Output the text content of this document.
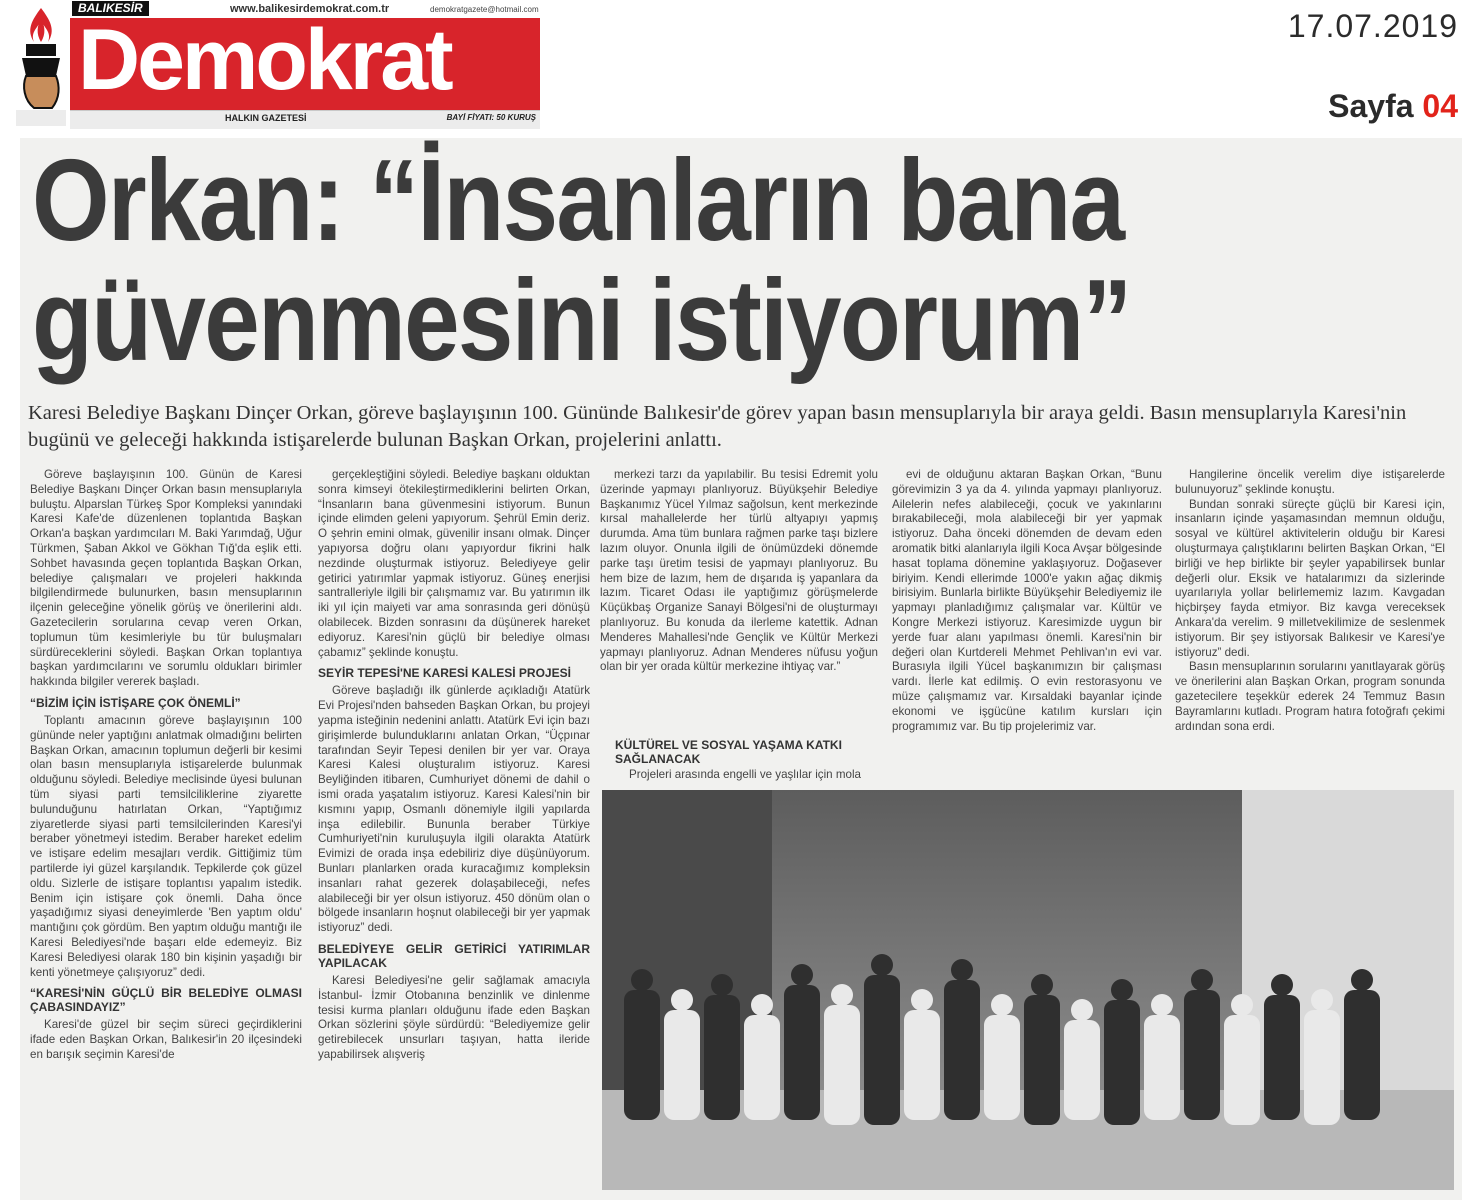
BALIKESİR	www.balikesirdemokrat.com.tr	demokratgazete@hotmail.com
Demokrat
HALKIN GAZETESİ	BAYİ FİYATI: 50 KURUŞ
17.07.2019
Sayfa 04
Orkan: “İnsanların bana
güvenmesini istiyorum”

Karesi Belediye Başkanı Dinçer Orkan, göreve başlayışının 100. Gününde Balıkesir'de görev yapan basın mensuplarıyla bir araya geldi. Basın mensuplarıyla Karesi'nin bugünü ve geleceği hakkında istişarelerde bulunan Başkan Orkan, projelerini anlattı.

Göreve başlayışının 100. Günün de Karesi Belediye Başkanı Dinçer Orkan basın mensuplarıyla buluştu. Alparslan Türkeş Spor Kompleksi yanındaki Karesi Kafe'de düzenlenen toplantıda Başkan Orkan'a başkan yardımcıları M. Baki Yarımdağ, Uğur Türkmen, Şaban Akkol ve Gökhan Tığ'da eşlik etti. Sohbet havasında geçen toplantıda Başkan Orkan, belediye çalışmaları ve projeleri hakkında bilgilendirmede bulunurken, basın mensuplarının ilçenin geleceğine yönelik görüş ve önerilerini aldı. Gazetecilerin sorularına cevap veren Orkan, toplumun tüm kesimleriyle bu tür buluşmaları sürdüreceklerini söyledi. Başkan Orkan toplantıya başkan yardımcılarını ve sorumlu oldukları birimler hakkında bilgiler vererek başladı.

“BİZİM İÇİN İSTİŞARE ÇOK ÖNEMLİ”

Toplantı amacının göreve başlayışının 100 gününde neler yaptığını anlatmak olmadığını belirten Başkan Orkan, amacının toplumun değerli bir kesimi olan basın mensuplarıyla istişarelerde bulunmak olduğunu söyledi. Belediye meclisinde üyesi bulunan tüm siyasi parti temsilciliklerine ziyarette bulunduğunu hatırlatan Orkan, “Yaptığımız ziyaretlerde siyasi parti temsilcilerinden Karesi'yi beraber yönetmeyi istedim. Beraber hareket edelim ve istişare edelim mesajları verdik. Gittiğimiz tüm partilerde iyi güzel karşılandık. Tepkilerde çok güzel oldu. Sizlerle de istişare toplantısı yapalım istedik. Benim için istişare çok önemli. Daha önce yaşadığımız siyasi deneyimlerde 'Ben yaptım oldu' mantığını çok gördüm. Ben yaptım olduğu mantığı ile Karesi Belediyesi'nde başarı elde edemeyiz. Biz Karesi Belediyesi olarak 180 bin kişinin yaşadığı bir kenti yönetmeye çalışıyoruz” dedi.

“KARESİ'NİN GÜÇLÜ BİR BELEDİYE OLMASI ÇABASINDAYIZ”

Karesi'de güzel bir seçim süreci geçirdiklerini ifade eden Başkan Orkan, Balıkesir'in 20 ilçesindeki en barışık seçimin Karesi'de

gerçekleştiğini söyledi. Belediye başkanı olduktan sonra kimseyi ötekileştirmediklerini belirten Orkan, “İnsanların bana güvenmesini istiyorum. Bunun içinde elimden geleni yapıyorum. Şehrül Emin deriz. O şehrin emini olmak, güvenilir insanı olmak. Dinçer yapıyorsa doğru olanı yapıyordur fikrini halk nezdinde oluşturmak istiyoruz. Belediyeye gelir getirici yatırımlar yapmak istiyoruz. Güneş enerjisi santralleriyle ilgili bir çalışmamız var. Bu yatırımın ilk iki yıl için maiyeti var ama sonrasında geri dönüşü olabilecek. Bizden sonrasını da düşünerek hareket ediyoruz. Karesi'nin güçlü bir belediye olması çabamız” şeklinde konuştu.

SEYİR TEPESİ'NE KARESİ KALESİ PROJESİ

Göreve başladığı ilk günlerde açıkladığı Atatürk Evi Projesi'nden bahseden Başkan Orkan, bu projeyi yapma isteğinin nedenini anlattı. Atatürk Evi için bazı girişimlerde bulunduklarını anlatan Orkan, “Üçpınar tarafından Seyir Tepesi denilen bir yer var. Oraya Karesi Kalesi oluşturalım istiyoruz. Karesi Beyliğinden itibaren, Cumhuriyet dönemi de dahil o ismi orada yaşatalım istiyoruz. Karesi Kalesi'nin bir kısmını yapıp, Osmanlı dönemiyle ilgili yapılarda inşa edilebilir. Bununla beraber Türkiye Cumhuriyeti'nin kuruluşuyla ilgili olarakta Atatürk Evimizi de orada inşa edebiliriz diye düşünüyorum. Bunları planlarken orada kuracağımız kompleksin insanları rahat gezerek dolaşabileceği, nefes alabileceği bir yer olsun istiyoruz. 450 dönüm olan o bölgede insanların hoşnut olabileceği bir yer yapmak istiyoruz” dedi.

BELEDİYEYE GELİR GETİRİCİ YATIRIMLAR YAPILACAK

Karesi Belediyesi'ne gelir sağlamak amacıyla İstanbul- İzmir Otobanına benzinlik ve dinlenme tesisi kurma planları olduğunu ifade eden Başkan Orkan sözlerini şöyle sürdürdü: “Belediyemize gelir getirebilecek unsurları taşıyan, hatta ileride yapabilirsek alışveriş

merkezi tarzı da yapılabilir. Bu tesisi Edremit yolu üzerinde yapmayı planlıyoruz. Büyükşehir Belediye Başkanımız Yücel Yılmaz sağolsun, kent merkezinde kırsal mahallelerde her türlü altyapıyı yapmış durumda. Ama tüm bunlara rağmen parke taşı bizlere lazım oluyor. Onunla ilgili de önümüzdeki dönemde parke taşı üretim tesisi de yapmayı planlıyoruz. Bu hem bize de lazım, hem de dışarıda iş yapanlara da lazım. Ticaret Odası ile yaptığımız görüşmelerde Küçükbaş Organize Sanayi Bölgesi'ni de oluşturmayı planlıyoruz. Bu konuda da ilerleme katettik. Adnan Menderes Mahallesi'nde Gençlik ve Kültür Merkezi yapmayı planlıyoruz. Adnan Menderes nüfusu yoğun olan bir yer orada kültür merkezine ihtiyaç var.”

evi de olduğunu aktaran Başkan Orkan, “Bunu görevimizin 3 ya da 4. yılında yapmayı planlıyoruz. Ailelerin nefes alabileceği, çocuk ve yakınlarını bırakabileceği, mola alabileceği bir yer yapmak istiyoruz. Daha önceki dönemden de devam eden aromatik bitki alanlarıyla ilgili Koca Avşar bölgesinde hasat toplama dönemine yaklaşıyoruz. Doğasever biriyim. Kendi ellerimde 1000'e yakın ağaç dikmiş birisiyim. Bunlarla birlikte Büyükşehir Belediyemiz ile yapmayı planladığımız çalışmalar var. Kültür ve Kongre Merkezi istiyoruz. Karesimizde uygun bir yerde fuar alanı yapılması önemli. Karesi'nin bir değeri olan Kurtdereli Mehmet Pehlivan'ın evi var. Burasıyla ilgili Yücel başkanımızın bir çalışması vardı. İlerle kat edilmiş. O evin restorasyonu ve müze çalışmamız var. Kırsaldaki bayanlar içinde ekonomi ve işgücüne katılım kursları için programımız var. Bu tip projelerimiz var.

KÜLTÜREL VE SOSYAL YAŞAMA KATKI SAĞLANACAK

Projeleri arasında engelli ve yaşlılar için mola

Hangilerine öncelik verelim diye istişarelerde bulunuyoruz” şeklinde konuştu.

Bundan sonraki süreçte güçlü bir Karesi için, insanların içinde yaşamasından memnun olduğu, sosyal ve kültürel aktivitelerin olduğu bir Karesi oluşturmaya çalıştıklarını belirten Başkan Orkan, “El birliği ve hep birlikte bir şeyler yapabilirsek bunlar değerli olur. Eksik ve hatalarımızı da sizlerinde uyarılarıyla yollar belirlememiz lazım. Kavgadan hiçbirşey fayda etmiyor. Biz kavga vereceksek Ankara'da verelim. 9 milletvekilimize de seslenmek istiyorum. Bir şey istiyorsak Balıkesir ve Karesi'ye istiyoruz” dedi.

Basın mensuplarının sorularını yanıtlayarak görüş ve önerilerini alan Başkan Orkan, program sonunda gazetecilere teşekkür ederek 24 Temmuz Basın Bayramlarını kutladı. Program hatıra fotoğrafı çekimi ardından sona erdi.
